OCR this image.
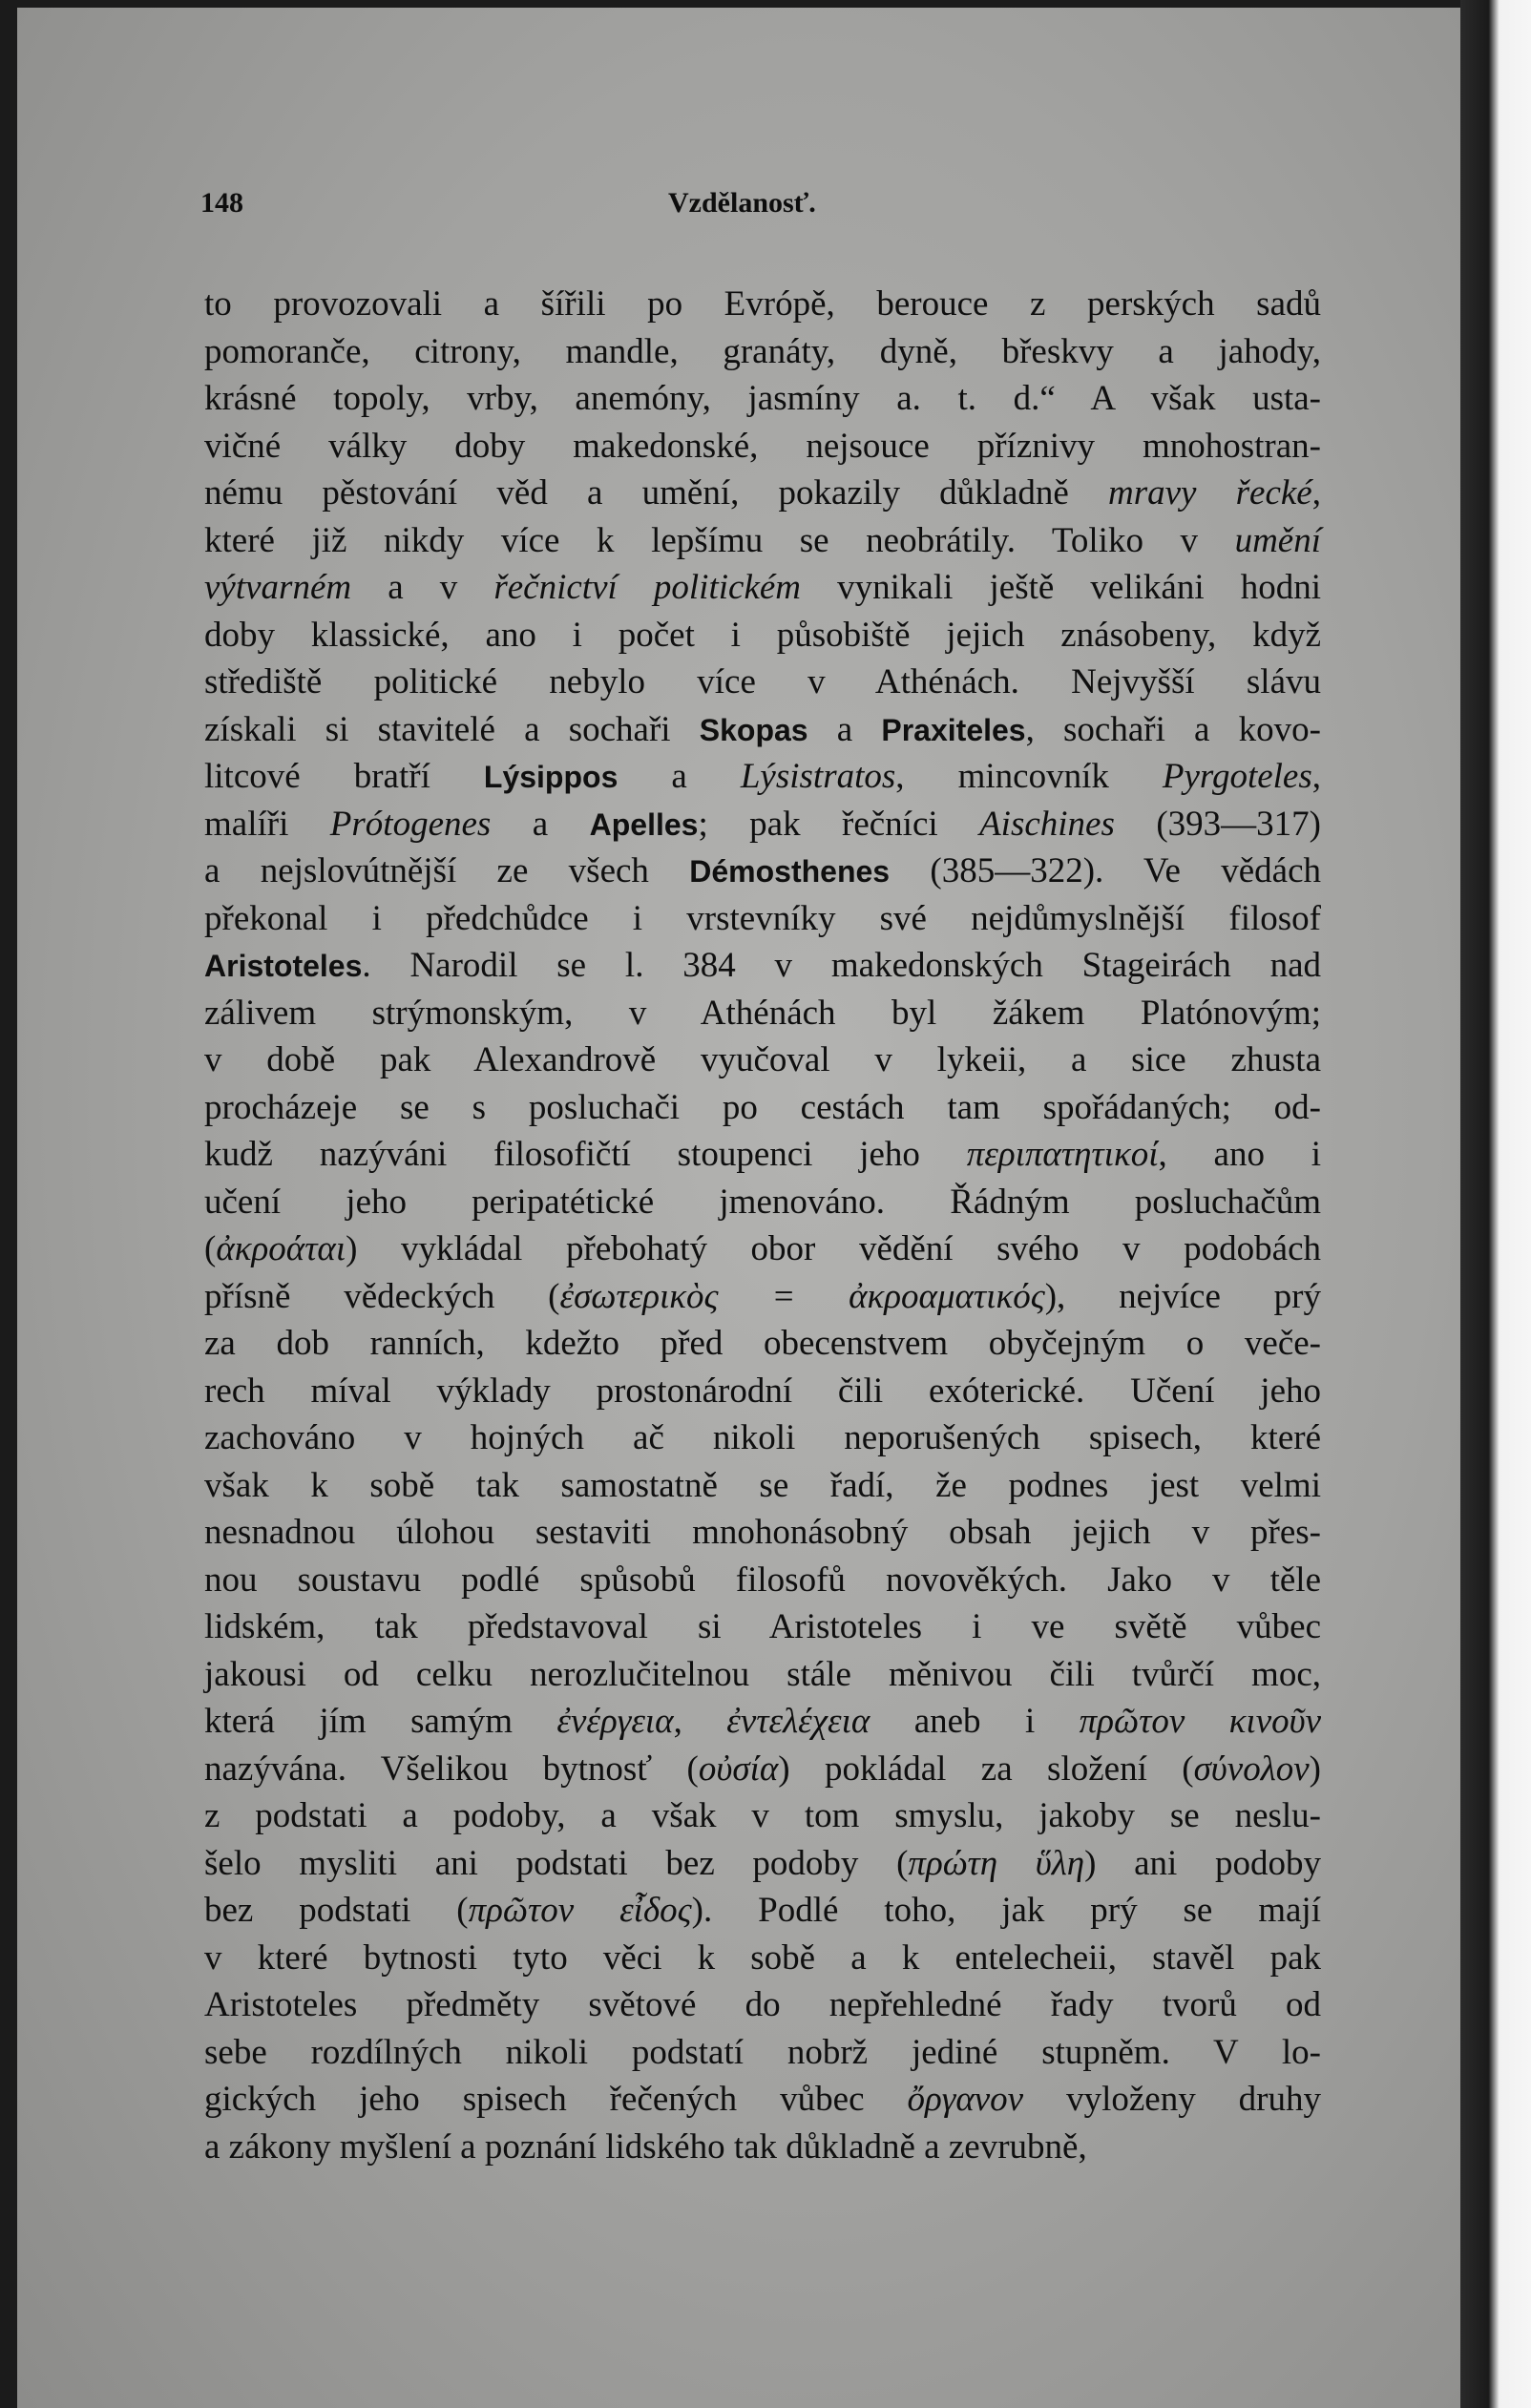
148	Vzdělanosť.
to provozovali a šířili po Evrópě, berouce z perských sadů
pomoranče, citrony, mandle, granáty, dyně, břeskvy a jahody,
krásné topoly, vrby, anemóny, jasmíny a. t. d.“ A však usta-
vičné války doby makedonské, nejsouce příznivy mnohostran-
nému pěstování věd a umění, pokazily důkladně mravy řecké,
které již nikdy více k lepšímu se neobrátily. Toliko v umění
výtvarném a v řečnictví politickém vynikali ještě velikáni hodni
doby klassické, ano i počet i působiště jejich znásobeny, když
střediště politické nebylo více v Athénách. Nejvyšší slávu
získali si stavitelé a sochaři Skopas a Praxiteles, sochaři a kovo-
litcové bratří Lýsippos a Lýsistratos, mincovník Pyrgoteles,
malíři Prótogenes a Apelles; pak řečníci Aischines (393—317)
a nejslovútnější ze všech Démosthenes (385—322). Ve vědách
překonal i předchůdce i vrstevníky své nejdůmyslnější filosof
Aristoteles. Narodil se l. 384 v makedonských Stageirách nad
zálivem strýmonským, v Athénách byl žákem Platónovým;
v době pak Alexandrově vyučoval v lykeii, a sice zhusta
procházeje se s posluchači po cestách tam spořádaných; od-
kudž nazýváni filosofičtí stoupenci jeho περιπατητικοί, ano i
učení jeho peripatétické jmenováno. Řádným posluchačům
(ἀκροάται) vykládal přebohatý obor vědění svého v podobách
přísně vědeckých (ἐσωτερικὸς = ἀκροαματικός), nejvíce prý
za dob ranních, kdežto před obecenstvem obyčejným o veče-
rech míval výklady prostonárodní čili exóterické. Učení jeho
zachováno v hojných ač nikoli neporušených spisech, které
však k sobě tak samostatně se řadí, že podnes jest velmi
nesnadnou úlohou sestaviti mnohonásobný obsah jejich v přes-
nou soustavu podlé spůsobů filosofů novověkých. Jako v těle
lidském, tak představoval si Aristoteles i ve světě vůbec
jakousi od celku nerozlučitelnou stále měnivou čili tvůrčí moc,
která jím samým ἐνέργεια, ἐντελέχεια aneb i πρῶτον κινοῦν
nazývána. Všelikou bytnosť (οὐσία) pokládal za složení (σύνολον)
z podstati a podoby, a však v tom smyslu, jakoby se neslu-
šelo mysliti ani podstati bez podoby (πρώτη ὕλη) ani podoby
bez podstati (πρῶτον εἶδος). Podlé toho, jak prý se mají
v které bytnosti tyto věci k sobě a k entelecheii, stavěl pak
Aristoteles předměty světové do nepřehledné řady tvorů od
sebe rozdílných nikoli podstatí nobrž jediné stupněm. V lo-
gických jeho spisech řečených vůbec ὄργανον vyloženy druhy
a zákony myšlení a poznání lidského tak důkladně a zevrubně,
